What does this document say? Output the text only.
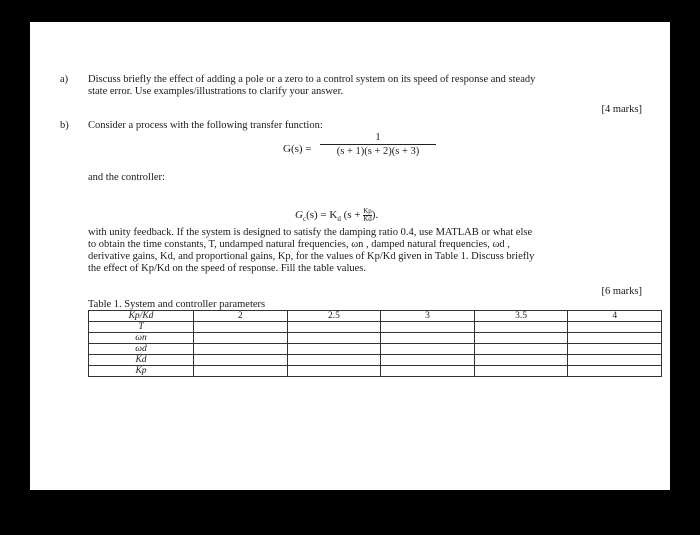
a) Discuss briefly the effect of adding a pole or a zero to a control system on its speed of response and steady
state error. Use examples/illustrations to clarify your answer.
[4 marks]
b) Consider a process with the following transfer function:
G(s) =
1
(s + 1)(s + 2)(s + 3)
and the controller:
$G_c(s) = K_d$ ($s + \frac{Kp}{Kd}$ ).
with unity feedback. If the system is designed to satisfy the damping ratio 0.4, use MATLAB or what else
to obtain the time constants, T, undamped natural frequencies, ωn , damped natural frequencies, ωd ,
derivative gains, Kd, and proportional gains, Kp, for the values of Kp/Kd given in Table 1. Discuss briefly
the effect of Kp/Kd on the speed of response. Fill the table values.
[6 marks]
Table 1. System and controller parameters
Kp/Kd	2	2.5	3	3.5	4
T					
ωn					
ωd					
Kd					
Kp					
